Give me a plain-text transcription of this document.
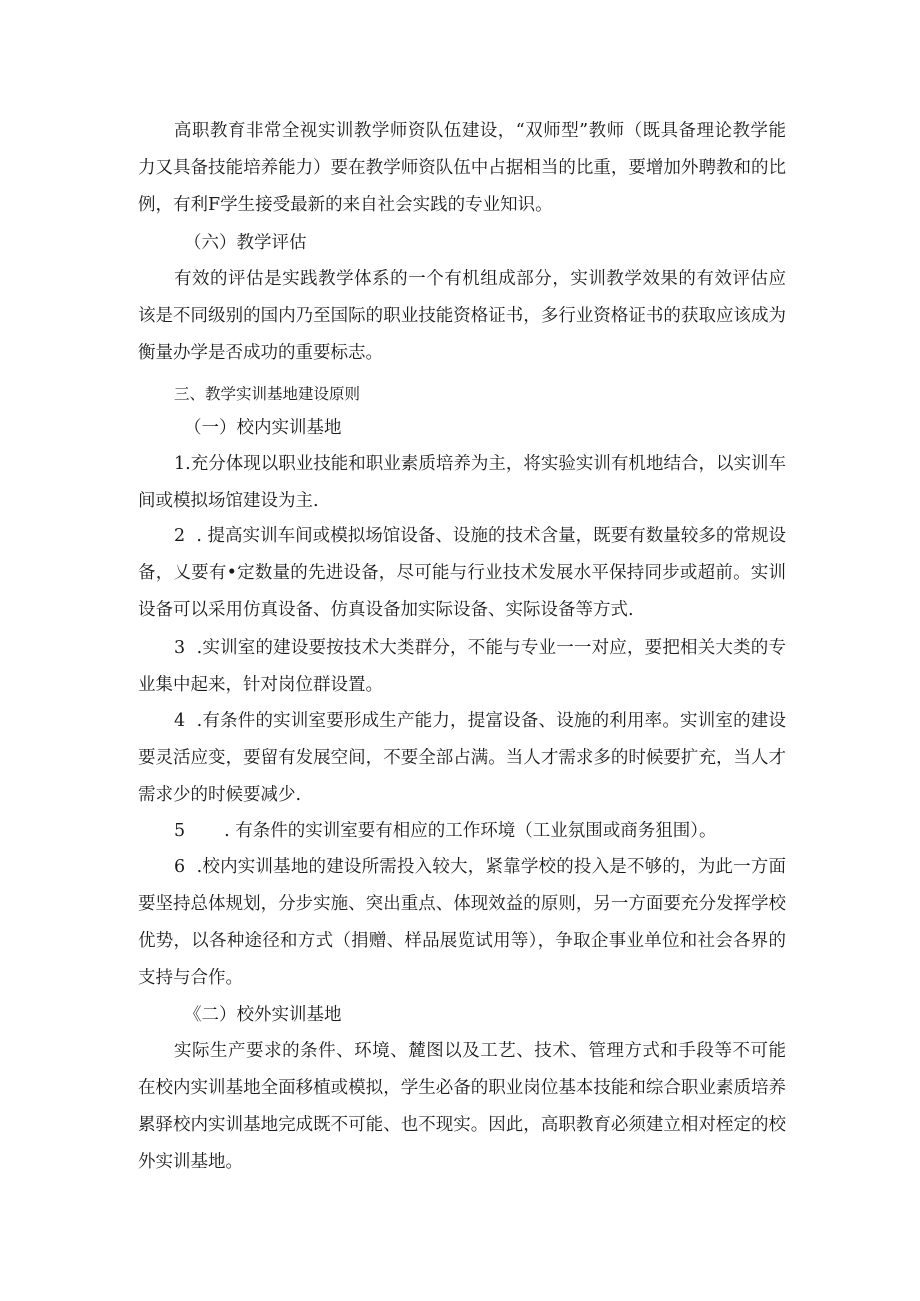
高职教育非常全视实训教学师资队伍建设，“双师型”教师（既具备理论教学能力又具备技能培养能力）要在教学师资队伍中占据相当的比重，要增加外聘教和的比例，有利F学生接受最新的来自社会实践的专业知识。

（六）教学评估

有效的评估是实践教学体系的一个有机组成部分，实训教学效果的有效评估应该是不同级别的国内乃至国际的职业技能资格证书，多行业资格证书的获取应该成为衡量办学是否成功的重要标志。

三、教学实训基地建设原则

（一）校内实训基地

1.充分体现以职业技能和职业素质培养为主，将实验实训有机地结合，以实训车间或模拟场馆建设为主.

2  . 提高实训车间或模拟场馆设备、设施的技术含量，既要有数量较多的常规设备，乂要有•定数量的先进设备，尽可能与行业技术发展水平保持同步或超前。实训设备可以采用仿真设备、仿真设备加实际设备、实际设备等方式.

3  .实训室的建设要按技术大类群分，不能与专业一一对应，要把相关大类的专业集中起来，针对岗位群设置。

4  .有条件的实训室要形成生产能力，提富设备、设施的利用率。实训室的建设要灵活应变，要留有发展空间，不要全部占满。当人才需求多的时候要扩充，当人才需求少的时候要减少.

5       . 有条件的实训室要有相应的工作环境（工业氛围或商务狙围）。

6  .校内实训基地的建设所需投入较大，紧靠学校的投入是不够的，为此一方面要坚持总体规划，分步实施、突出重点、体现效益的原则，另一方面要充分发挥学校优势，以各种途径和方式（捐赠、样品展览试用等），争取企事业单位和社会各界的支持与合作。

《二）校外实训基地

实际生产要求的条件、环境、麓图以及工艺、技术、管理方式和手段等不可能在校内实训基地全面移植或模拟，学生必备的职业岗位基本技能和综合职业素质培养累驿校内实训基地完成既不可能、也不现实。因此，高职教育必须建立相对桎定的校外实训基地。
